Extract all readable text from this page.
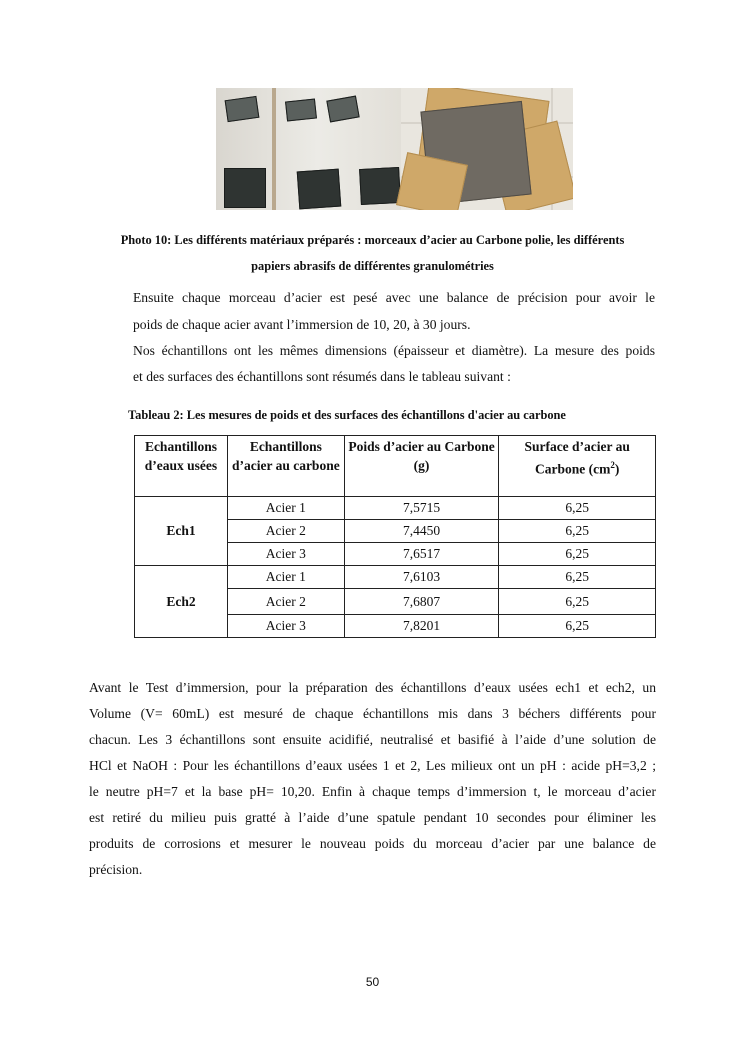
Photo 10: Les différents matériaux préparés : morceaux d’acier au Carbone polie, les différents
papiers abrasifs de différentes granulométries
Ensuite chaque morceau d’acier est pesé avec une balance de précision pour avoir le
poids de chaque acier avant l’immersion de 10, 20, à 30 jours.
Nos échantillons ont les mêmes dimensions (épaisseur et diamètre). La mesure des poids
et des surfaces des échantillons sont résumés dans le tableau suivant :
Tableau 2: Les mesures de poids et des surfaces des échantillons d'acier au carbone
Echantillons d’eaux usées	Echantillons d’acier au carbone	Poids d’acier au Carbone (g)	Surface d’acier au Carbone $(cm^2)$
Ech1	Acier 1	7,5715	6,25
	Acier 2	7,4450	6,25
	Acier 3	7,6517	6,25
Ech2	Acier 1	7,6103	6,25
	Acier 2	7,6807	6,25
	Acier 3	7,8201	6,25
Avant le Test d’immersion, pour la préparation des échantillons d’eaux usées ech1 et ech2, un
Volume (V= 60mL) est mesuré de chaque échantillons mis dans 3 béchers différents pour
chacun. Les 3 échantillons sont ensuite acidifié, neutralisé et basifié à l’aide d’une solution de
HCl et NaOH : Pour les échantillons d’eaux usées 1 et 2, Les milieux ont un pH : acide pH=3,2 ;
le neutre pH=7 et la base pH= 10,20. Enfin à chaque temps d’immersion t, le morceau d’acier
est retiré du milieu puis gratté à l’aide d’une spatule pendant 10 secondes pour éliminer les
produits de corrosions et mesurer le nouveau poids du morceau d’acier par une balance de
précision.
50
